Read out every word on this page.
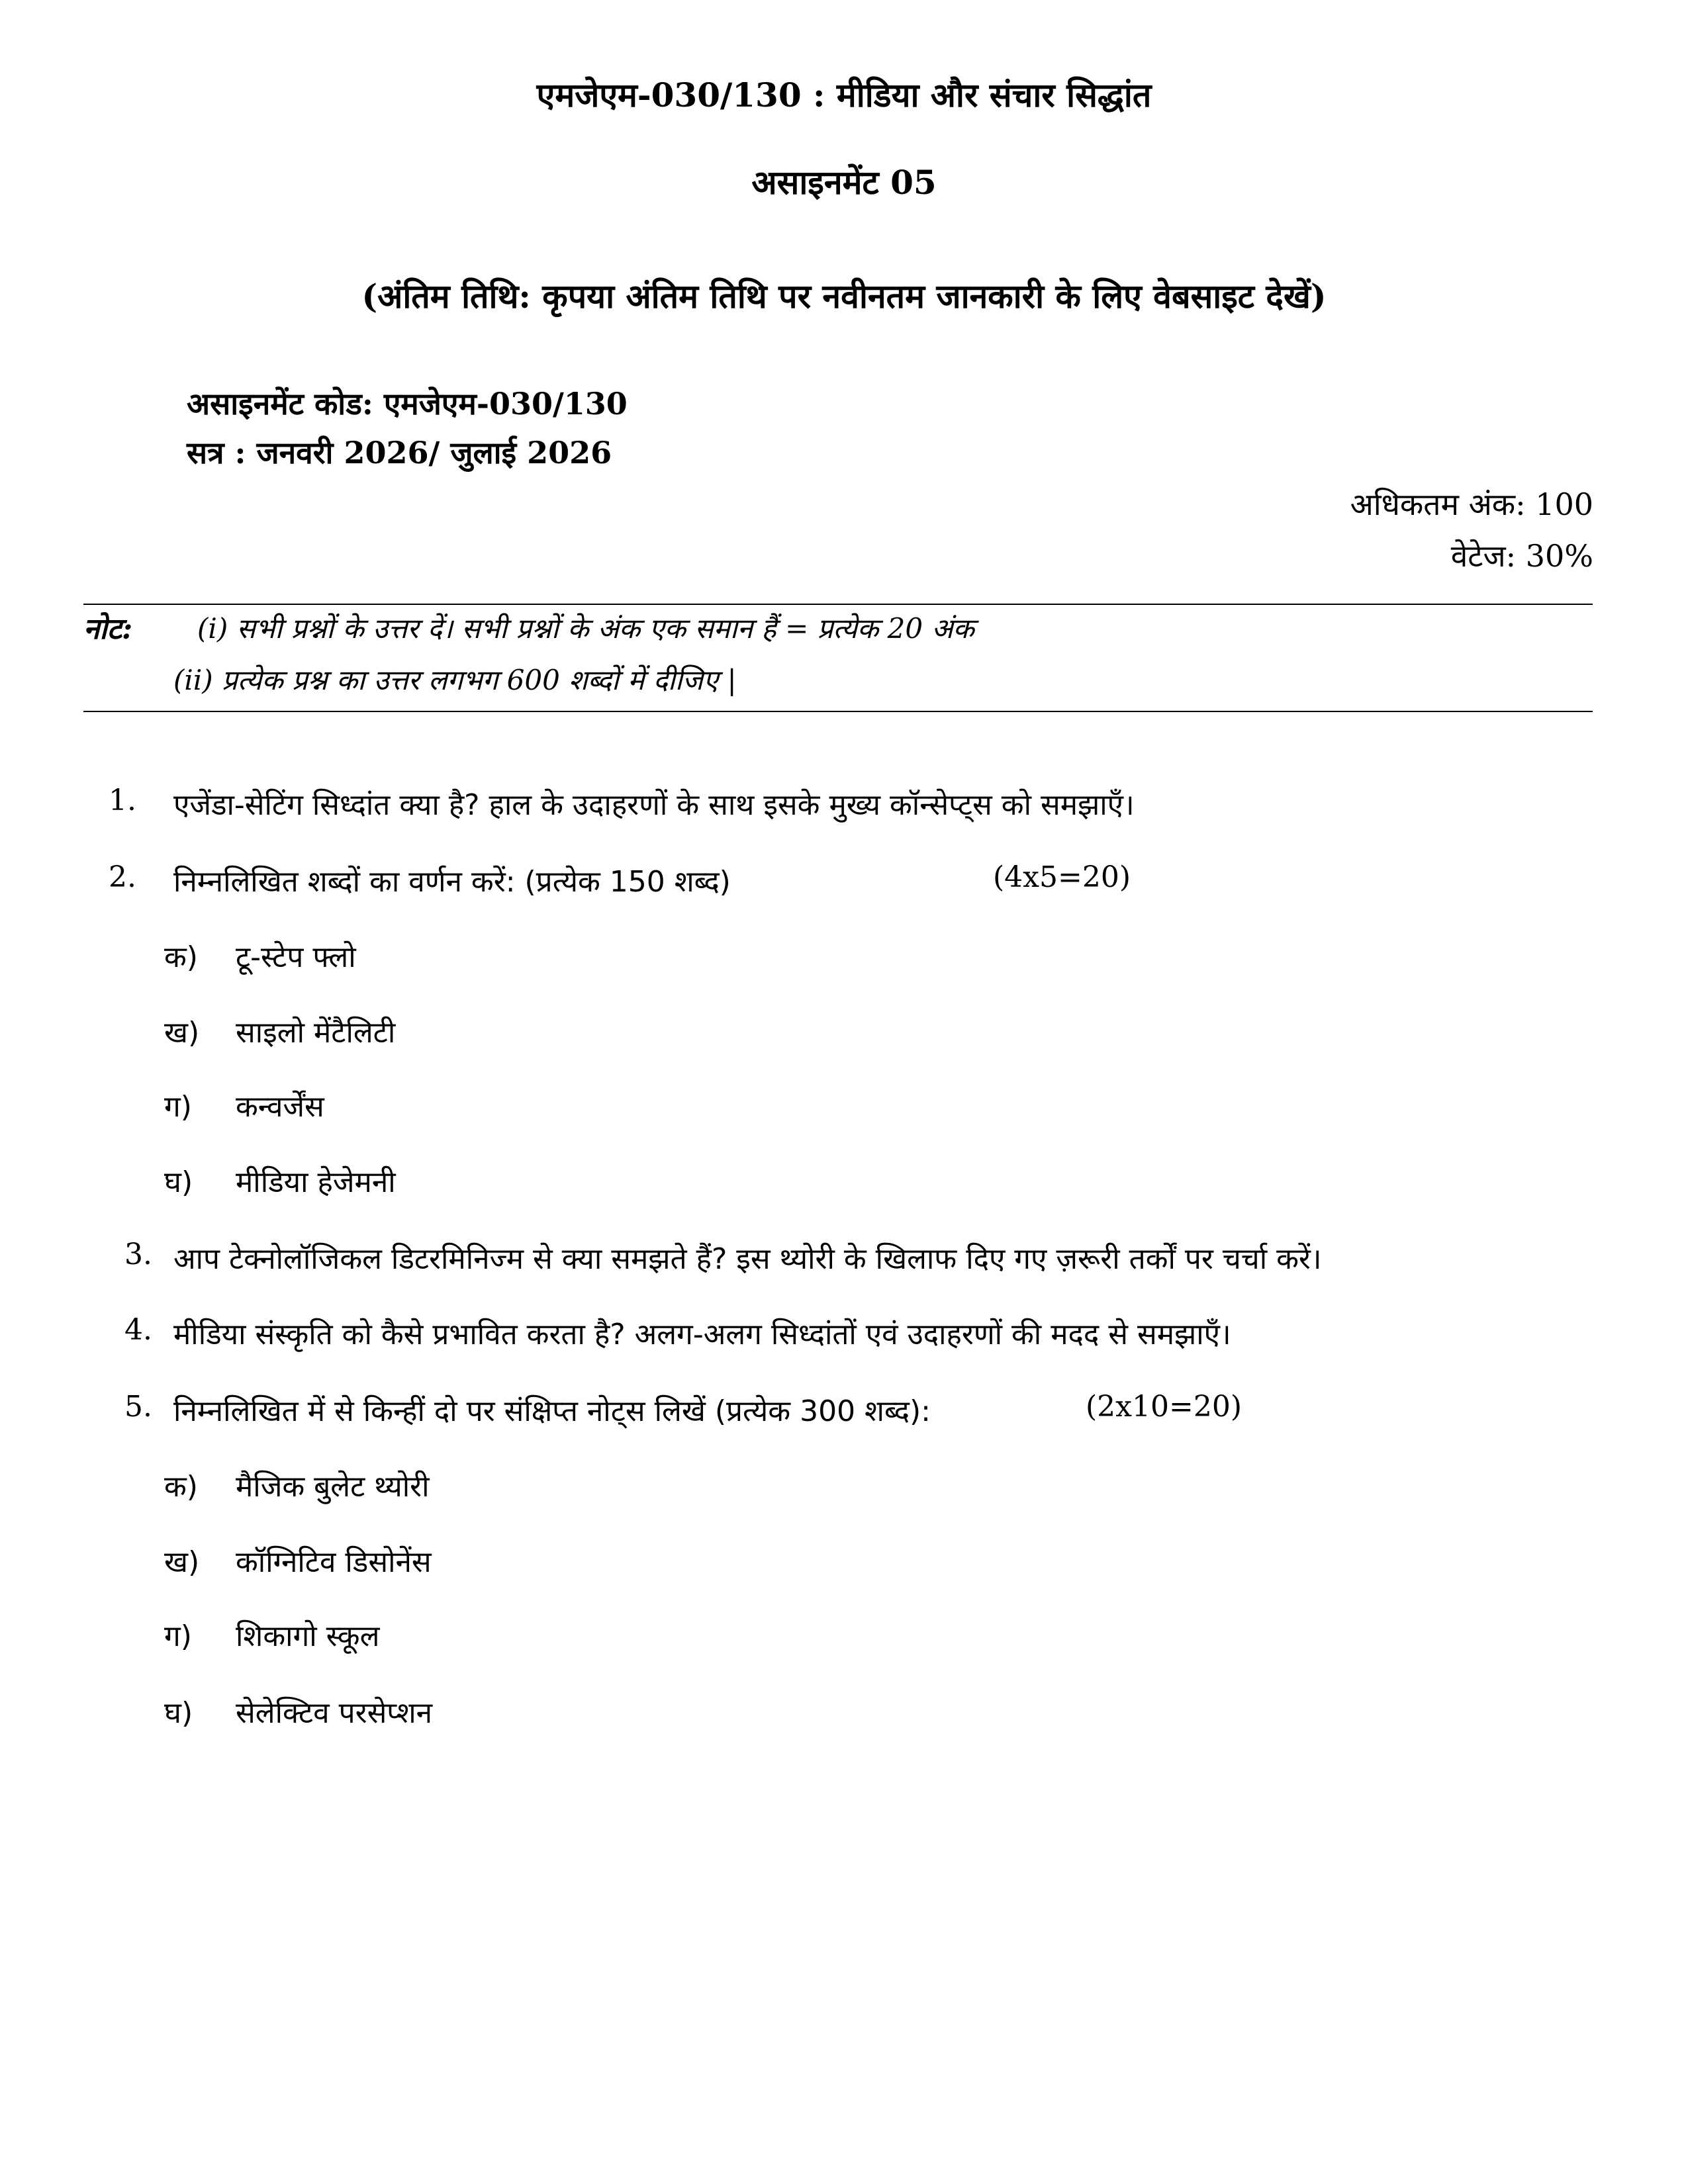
एमजेएम-030/130 : मीडिया और संचार सिद्धांत
असाइनमेंट 05
(अंतिम तिथि: कृपया अंतिम तिथि पर नवीनतम जानकारी के लिए वेबसाइट देखें)
असाइनमेंट कोड: एमजेएम-030/130
सत्र : जनवरी 2026/ जुलाई 2026
अधिकतम अंक: 100
वेटेज: 30%
नोट: (i) सभी प्रश्नों के उत्तर दें। सभी प्रश्नों के अंक एक समान हैं = प्रत्येक 20 अंक
(ii) प्रत्येक प्रश्न का उत्तर लगभग 600 शब्दों में दीजिए |
1. एजेंडा-सेटिंग सिध्दांत क्या है? हाल के उदाहरणों के साथ इसके मुख्य कॉन्सेप्ट्स को समझाएँ।
2. निम्नलिखित शब्दों का वर्णन करें: (प्रत्येक 150 शब्द)	(4x5=20)
क) टू-स्टेप फ्लो
ख) साइलो मेंटैलिटी
ग) कन्वर्जेंस
घ) मीडिया हेजेमनी
3. आप टेक्नोलॉजिकल डिटरमिनिज्म से क्या समझते हैं? इस थ्योरी के खिलाफ दिए गए ज़रूरी तर्कों पर चर्चा करें।
4. मीडिया संस्कृति को कैसे प्रभावित करता है? अलग-अलग सिध्दांतों एवं उदाहरणों की मदद से समझाएँ।
5. निम्नलिखित में से किन्हीं दो पर संक्षिप्त नोट्स लिखें (प्रत्येक 300 शब्द):	(2x10=20)
क) मैजिक बुलेट थ्योरी
ख) कॉग्निटिव डिसोनेंस
ग) शिकागो स्कूल
घ) सेलेक्टिव परसेप्शन
